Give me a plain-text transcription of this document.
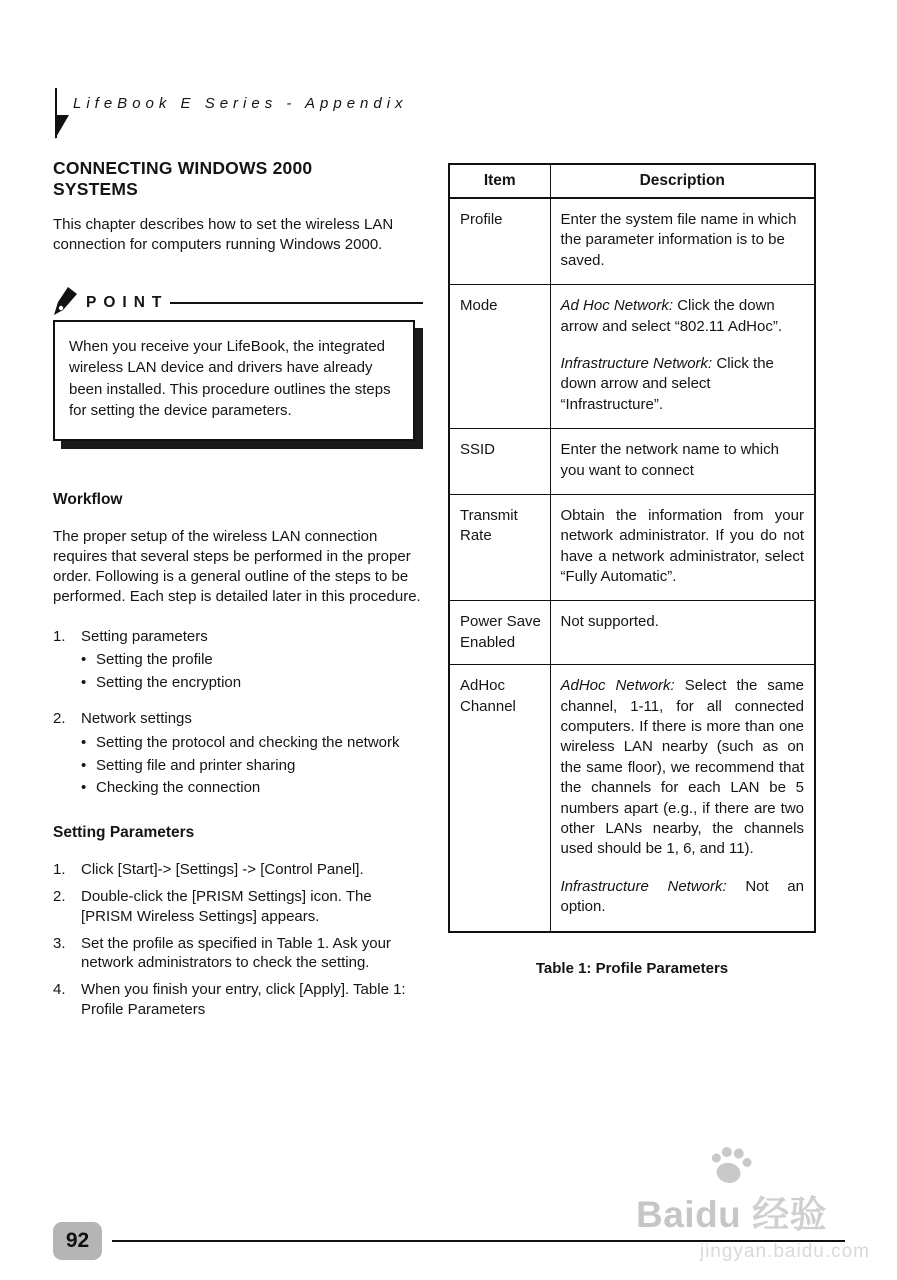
LifeBook E Series - Appendix
CONNECTING WINDOWS 2000 SYSTEMS

This chapter describes how to set the wireless LAN connection for computers running Windows 2000.

POINT

When you receive your LifeBook, the integrated wireless LAN device and drivers have already been installed. This procedure outlines the steps for setting the device parameters.

Workflow

The proper setup of the wireless LAN connection requires that several steps be performed in the proper order. Following is a general outline of the steps to be performed. Each step is detailed later in this procedure.

1.	Setting parameters
• Setting the profile
• Setting the encryption
2.	Network settings
• Setting the protocol and checking the network
• Setting file and printer sharing
• Checking the connection
Setting Parameters
1.	Click [Start]-> [Settings] -> [Control Panel].
2.	Double-click the [PRISM Settings] icon. The [PRISM Wireless Settings] appears.
3.	Set the profile as specified in Table 1. Ask your network administrators to check the setting.
4.	When you finish your entry, click [Apply]. Table 1: Profile Parameters
Item	Description
Profile	Enter the system file name in which the parameter information is to be saved.

Mode	Ad Hoc Network: Click the down arrow and select “802.11 AdHoc”.

Infrastructure Network: Click the down arrow and select “Infrastructure”.

SSID	Enter the network name to which you want to connect

Transmit Rate	Obtain the information from your network administrator. If you do not have a network administrator, select “Fully Automatic”.

Power Save Enabled	Not supported.

AdHoc Channel	AdHoc Network: Select the same channel, 1-11, for all connected computers. If there is more than one wireless LAN nearby (such as on the same floor), we recommend that the channels for each LAN be 5 numbers apart (e.g., if there are two other LANs nearby, the channels used should be 1, 6, and 11).

Infrastructure Network: Not an option.

Table 1: Profile Parameters
92
Baidu 经验
jingyan.baidu.com
